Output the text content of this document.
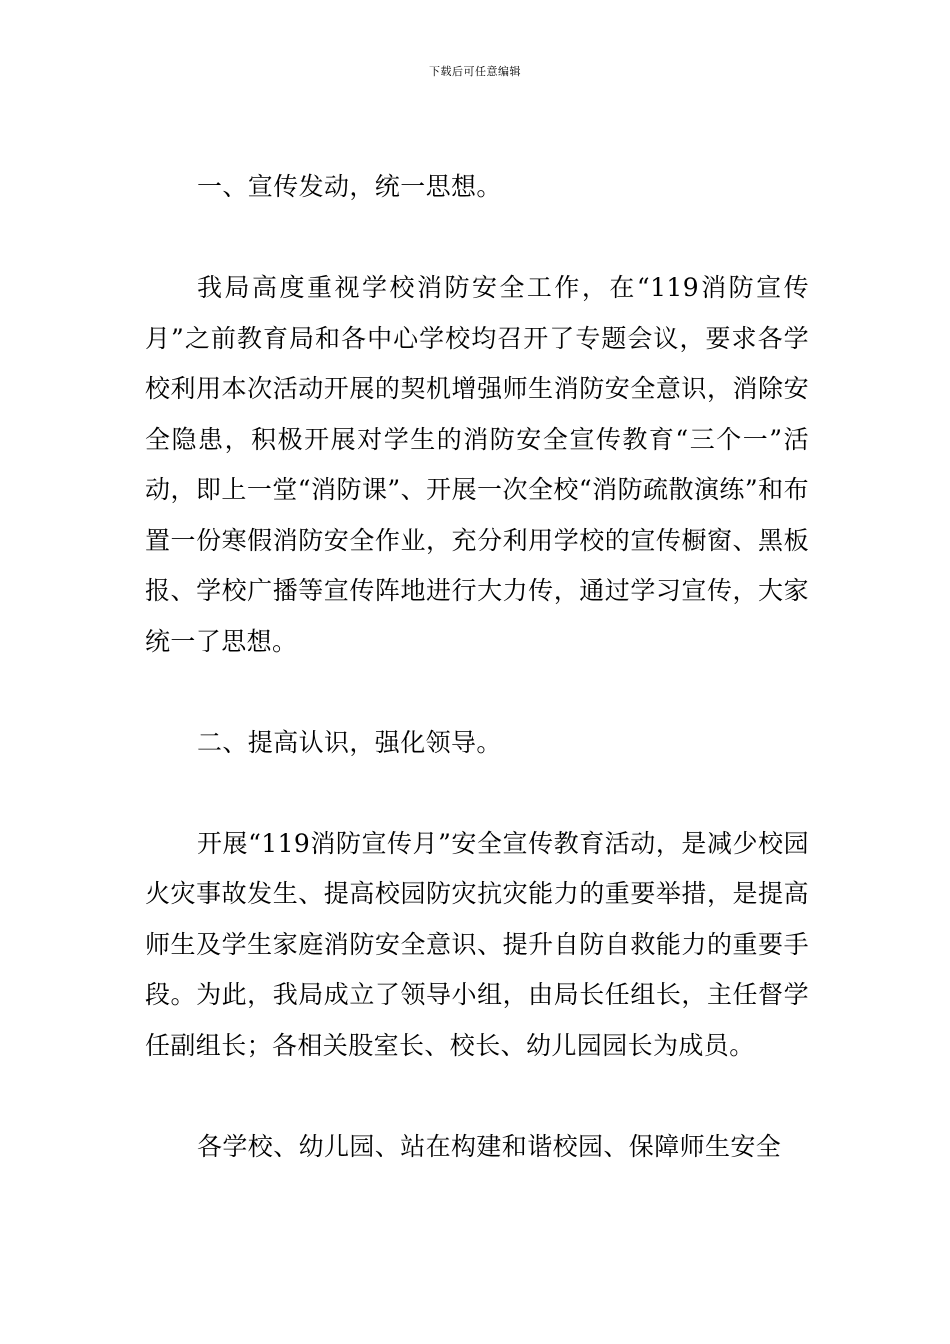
下载后可任意编辑

一、宣传发动，统一思想。

我局高度重视学校消防安全工作，在“119消防宣传月”之前教育局和各中心学校均召开了专题会议，要求各学校利用本次活动开展的契机增强师生消防安全意识，消除安全隐患，积极开展对学生的消防安全宣传教育“三个一”活动，即上一堂“消防课”、开展一次全校“消防疏散演练”和布置一份寒假消防安全作业，充分利用学校的宣传橱窗、黑板报、学校广播等宣传阵地进行大力传，通过学习宣传，大家统一了思想。

二、提高认识，强化领导。

开展“119消防宣传月”安全宣传教育活动，是减少校园火灾事故发生、提高校园防灾抗灾能力的重要举措，是提高师生及学生家庭消防安全意识、提升自防自救能力的重要手段。为此，我局成立了领导小组，由局长任组长，主任督学任副组长；各相关股室长、校长、幼儿园园长为成员。

各学校、幼儿园、站在构建和谐校园、保障师生安全
